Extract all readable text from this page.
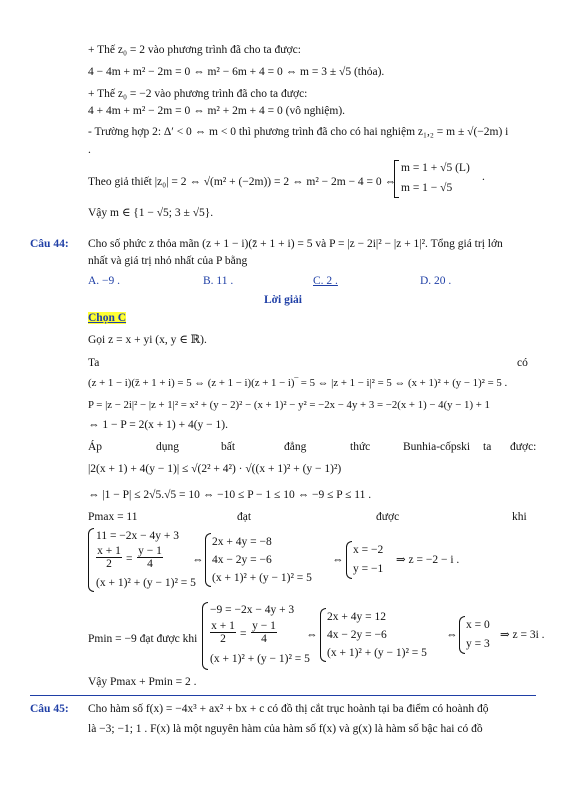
+ Thế z₀ = 2 vào phương trình đã cho ta được:
4 − 4m + m² − 2m = 0 ⇔ m² − 6m + 4 = 0 ⇔ m = 3 ± √5 (thỏa).
+ Thế z₀ = −2 vào phương trình đã cho ta được:
4 + 4m + m² − 2m = 0 ⇔ m² + 2m + 4 = 0 (vô nghiệm).
- Trường hợp 2: Δ′ < 0 ⇔ m < 0 thì phương trình đã cho có hai nghiệm z₁,₂ = m ± √(−2m) i
.
Theo giả thiết |z₀| = 2 ⇔ √(m² + (−2m)) = 2 ⇔ m² − 2m − 4 = 0 ⇔
m = 1 + √5 (L)
m = 1 − √5
.
Vậy m ∈ {1 − √5; 3 ± √5}.
Câu 44: Cho số phức z thỏa mãn (z + 1 − i)(z̄ + 1 + i) = 5 và P = |z − 2i|² − |z + 1|². Tổng giá trị lớn
nhất và giá trị nhỏ nhất của P bằng
A. −9 .	B. 11 .	C. 2 .	D. 20 .
Lời giải
Chọn C
Gọi z = x + yi (x, y ∈ ℝ).
Ta	có
(z + 1 − i)(z̄ + 1 + i) = 5 ⇔ (z + 1 − i)(z + 1 − i)‾ = 5 ⇔ |z + 1 − i|² = 5 ⇔ (x + 1)² + (y − 1)² = 5 .
P = |z − 2i|² − |z + 1|² = x² + (y − 2)² − (x + 1)² − y² = −2x − 4y + 3 = −2(x + 1) − 4(y − 1) + 1
⇔ 1 − P = 2(x + 1) + 4(y − 1).
Áp	dụng	bất	đẳng	thức	Bunhia-cốpski ta được:
|2(x + 1) + 4(y − 1)| ≤ √(2² + 4²) · √((x + 1)² + (y − 1)²)
⇔ |1 − P| ≤ 2√5.√5 = 10 ⇔ −10 ≤ P − 1 ≤ 10 ⇔ −9 ≤ P ≤ 11 .
Pmax = 11	đạt	được	khi
11 = −2x − 4y + 3
$\frac{x + 1}{2} = \frac{y - 1}{4}$
(x + 1)² + (y − 1)² = 5
⇔
2x + 4y = −8
4x − 2y = −6
(x + 1)² + (y − 1)² = 5
⇔
x = −2
y = −1
⇒ z = −2 − i .
Pmin = −9 đạt được khi
−9 = −2x − 4y + 3
$\frac{x + 1}{2} = \frac{y - 1}{4}$
(x + 1)² + (y − 1)² = 5
⇔
2x + 4y = 12
4x − 2y = −6
(x + 1)² + (y − 1)² = 5
⇔
x = 0
y = 3
⇒ z = 3i .
Vậy Pmax + Pmin = 2 .
Câu 45: Cho hàm số f(x) = −4x³ + ax² + bx + c có đồ thị cắt trục hoành tại ba điểm có hoành độ
là −3; −1; 1 . F(x) là một nguyên hàm của hàm số f(x) và g(x) là hàm số bậc hai có đồ
